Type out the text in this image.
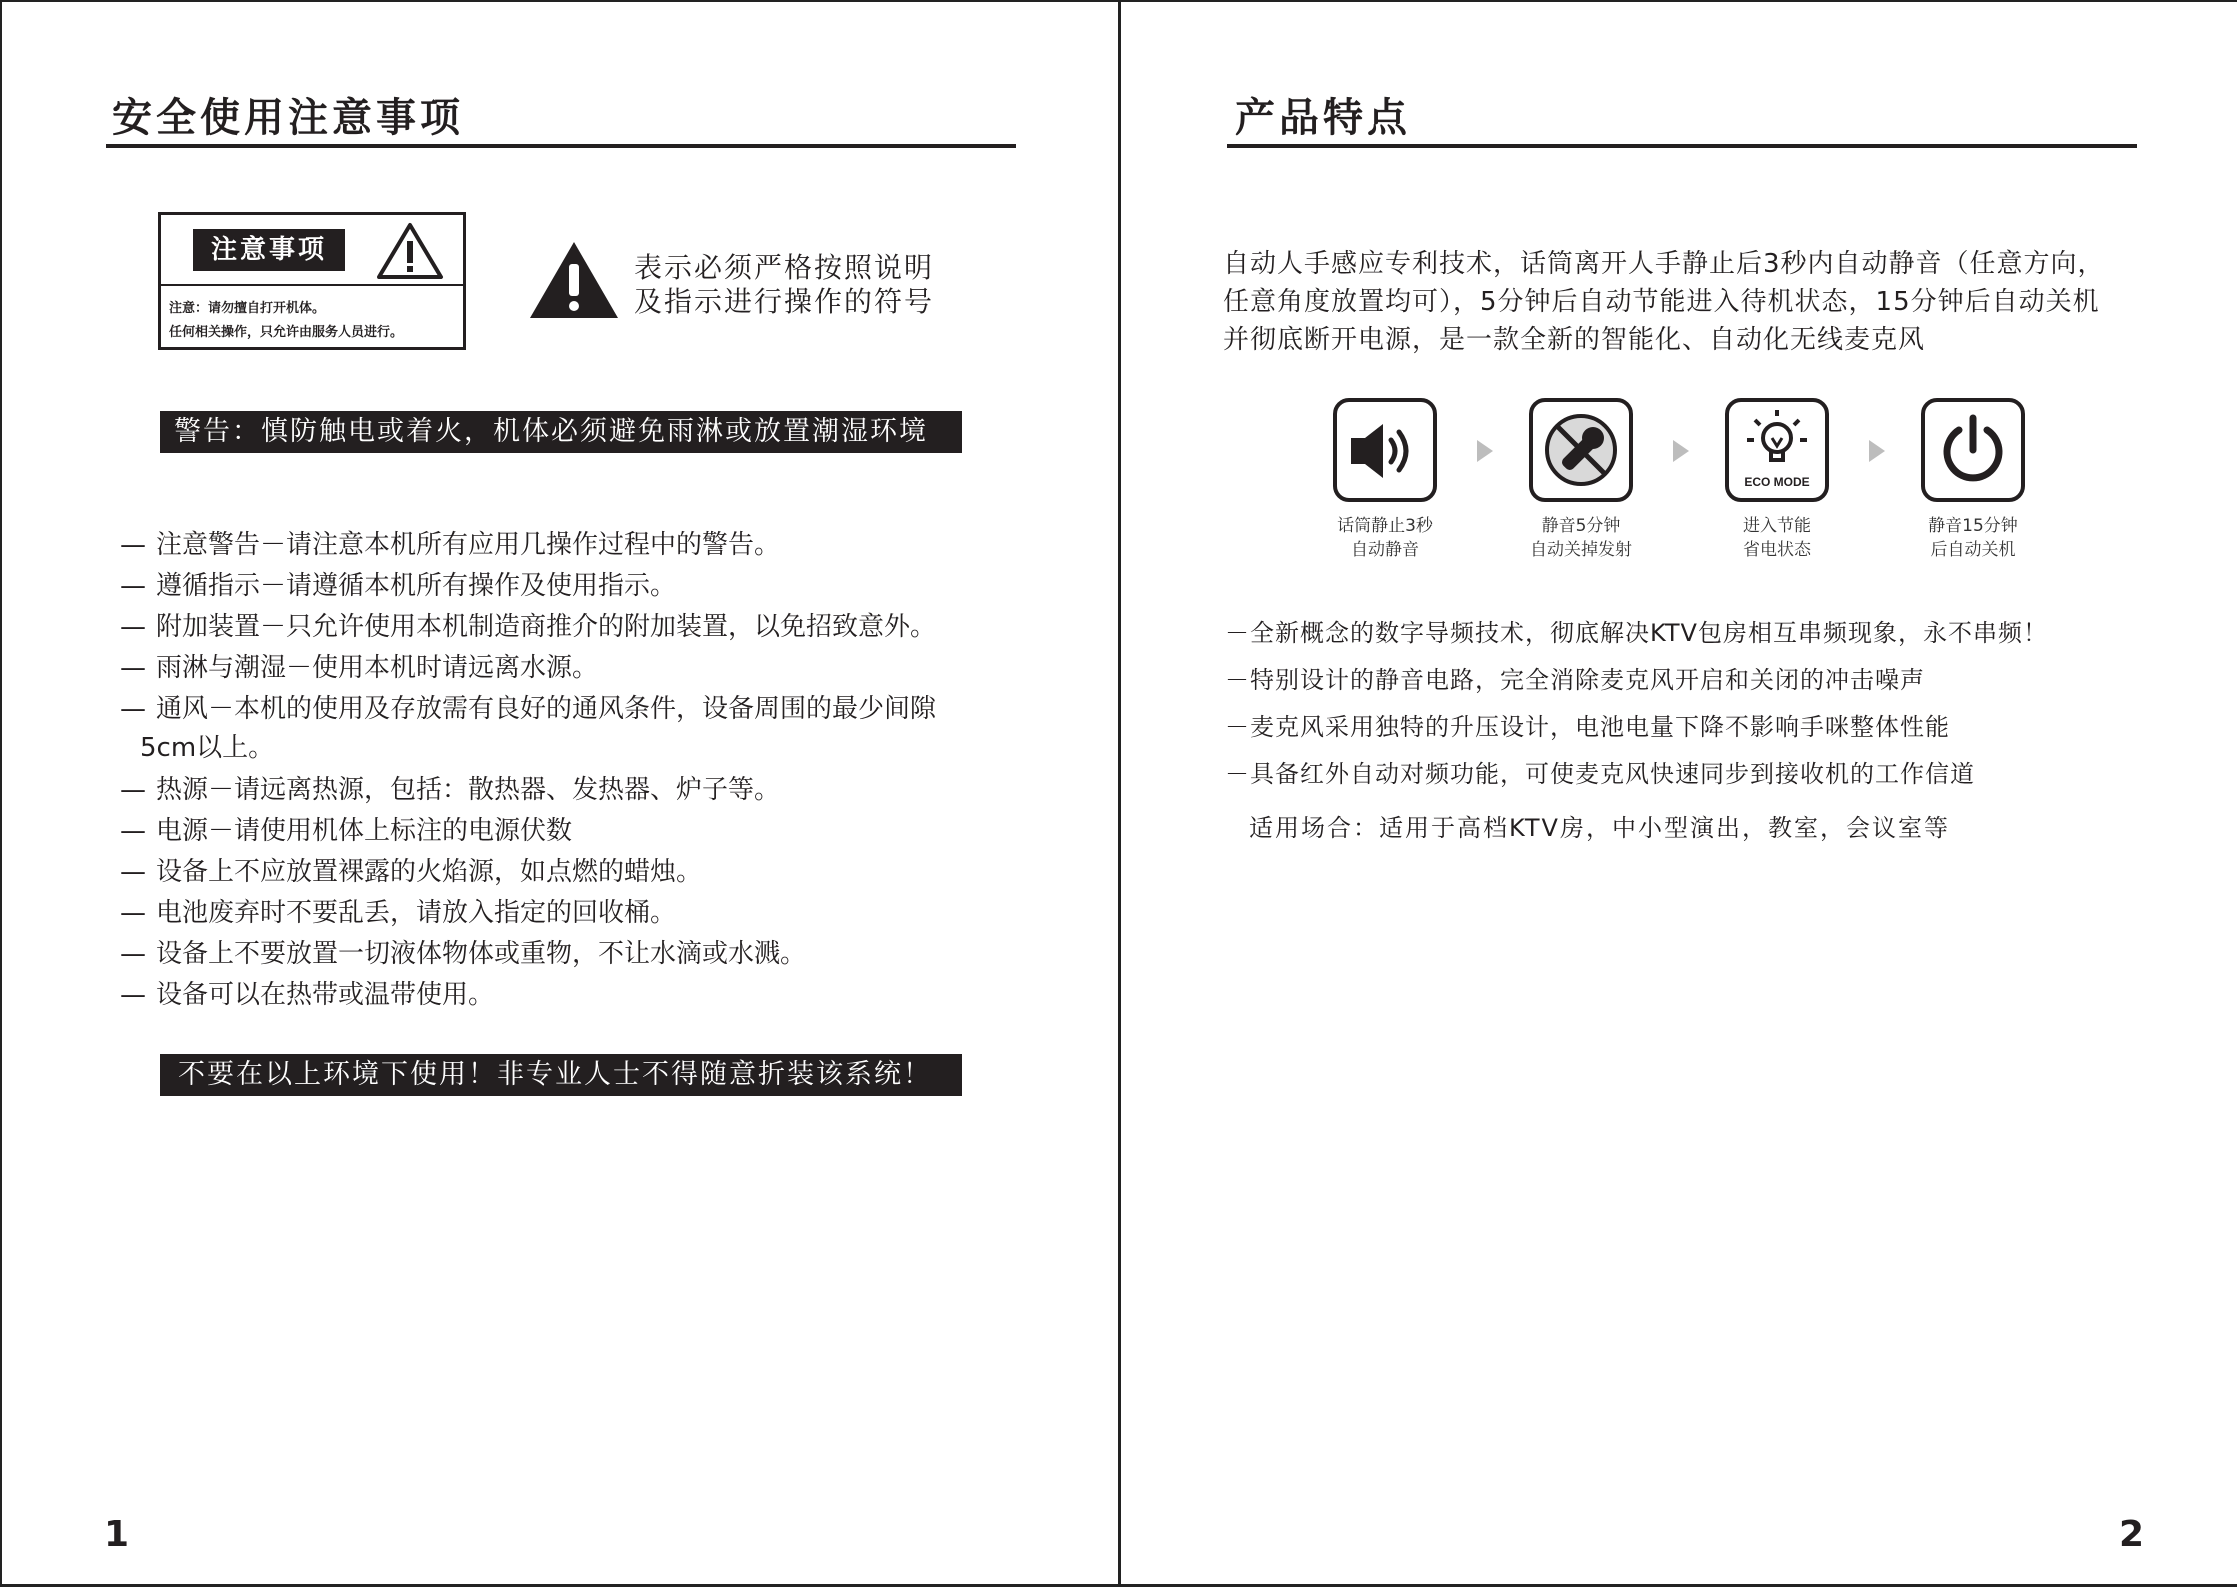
安全使用注意事项
注意事项
注意：请勿擅自打开机体。
任何相关操作，只允许由服务人员进行。
表示必须严格按照说明
及指示进行操作的符号
警告：慎防触电或着火，机体必须避免雨淋或放置潮湿环境
— 注意警告－请注意本机所有应用几操作过程中的警告。
— 遵循指示－请遵循本机所有操作及使用指示。
— 附加装置－只允许使用本机制造商推介的附加装置，以免招致意外。
— 雨淋与潮湿－使用本机时请远离水源。
— 通风－本机的使用及存放需有良好的通风条件，设备周围的最少间隙
5cm以上。
— 热源－请远离热源，包括：散热器、发热器、炉子等。
— 电源－请使用机体上标注的电源伏数
— 设备上不应放置裸露的火焰源，如点燃的蜡烛。
— 电池废弃时不要乱丢，请放入指定的回收桶。
— 设备上不要放置一切液体物体或重物，不让水滴或水溅。
— 设备可以在热带或温带使用。
不要在以上环境下使用！非专业人士不得随意折装该系统！
1
产品特点
自动人手感应专利技术，话筒离开人手静止后3秒内自动静音（任意方向，
任意角度放置均可），5分钟后自动节能进入待机状态，15分钟后自动关机
并彻底断开电源，是一款全新的智能化、自动化无线麦克风
话筒静止3秒
自动静音
静音5分钟
自动关掉发射
ECO MODE
进入节能
省电状态
静音15分钟
后自动关机
－全新概念的数字导频技术，彻底解决KTV包房相互串频现象，永不串频！
－特别设计的静音电路，完全消除麦克风开启和关闭的冲击噪声
－麦克风采用独特的升压设计，电池电量下降不影响手咪整体性能
－具备红外自动对频功能，可使麦克风快速同步到接收机的工作信道
适用场合：适用于高档KTV房，中小型演出，教室，会议室等
2
